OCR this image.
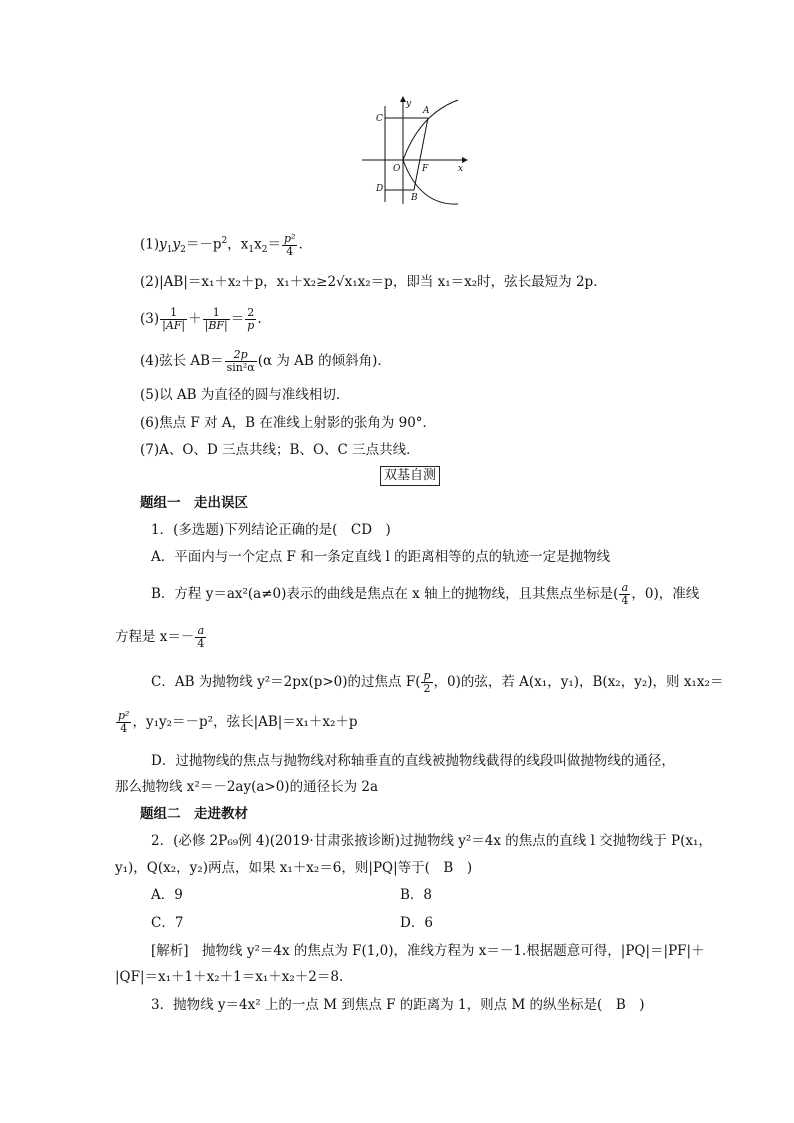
y
A
C
O F	x
D
B
$(1)y_1y_2=-p^2$，$x_1x_2= \frac{\text{p²}}{4}$ .
(2)|AB|＝x₁＋x₂＋p，x₁＋x₂≥2√x₁x₂＝p，即当 x₁＝x₂时，弦长最短为 2p．
$(3) \frac{1}{|AF|} + \frac{1}{|BF|} = \frac{2}{p}$ .
(4)弦长 $AB= \frac{2p}{\text{sin²α}} (\alpha$ 为 AB 的倾斜角)．
(5)以 AB 为直径的圆与准线相切．
(6)焦点 F 对 A，B 在准线上射影的张角为 90°．
(7)A、O、D 三点共线；B、O、C 三点共线．
双基自测
题组一　走出误区
1．(多选题)下列结论正确的是(　CD　)
A．平面内与一个定点 F 和一条定直线 l 的距离相等的点的轨迹一定是抛物线
B．方程 y＝ax²(a≠0)表示的曲线是焦点在 x 轴上的抛物线，且其焦点坐标是( $\frac{a}{4}$ ，0)，准线
方程是 $x=- \frac{a}{4}$
C．AB 为抛物线 y²＝2px(p>0)的过焦点 $F( \frac{p}{2}$ ，0)的弦，若 A(x₁，y₁)，B(x₂，y₂)，则 x₁x₂＝
$\frac{\text{p²}}{4}$ ，y₁y₂＝－p²，弦长|AB|＝x₁＋x₂＋p
D．过抛物线的焦点与抛物线对称轴垂直的直线被抛物线截得的线段叫做抛物线的通径，
那么抛物线 x²＝－2ay(a>0)的通径长为 2a
题组二　走进教材
2．(必修 2P₆₉例 4)(2019·甘肃张掖诊断)过抛物线 y²＝4x 的焦点的直线 l 交抛物线于 P(x₁，
y₁)，Q(x₂，y₂)两点，如果 x₁＋x₂＝6，则|PQ|等于(　B　)
A．9	B．8
C．7	D．6
[解析]　抛物线 y²＝4x 的焦点为 F(1,0)，准线方程为 x＝－1.根据题意可得，|PQ|＝|PF|＋
|QF|＝x₁＋1＋x₂＋1＝x₁＋x₂＋2＝8.
3．抛物线 y＝4x² 上的一点 M 到焦点 F 的距离为 1，则点 M 的纵坐标是(　B　)
